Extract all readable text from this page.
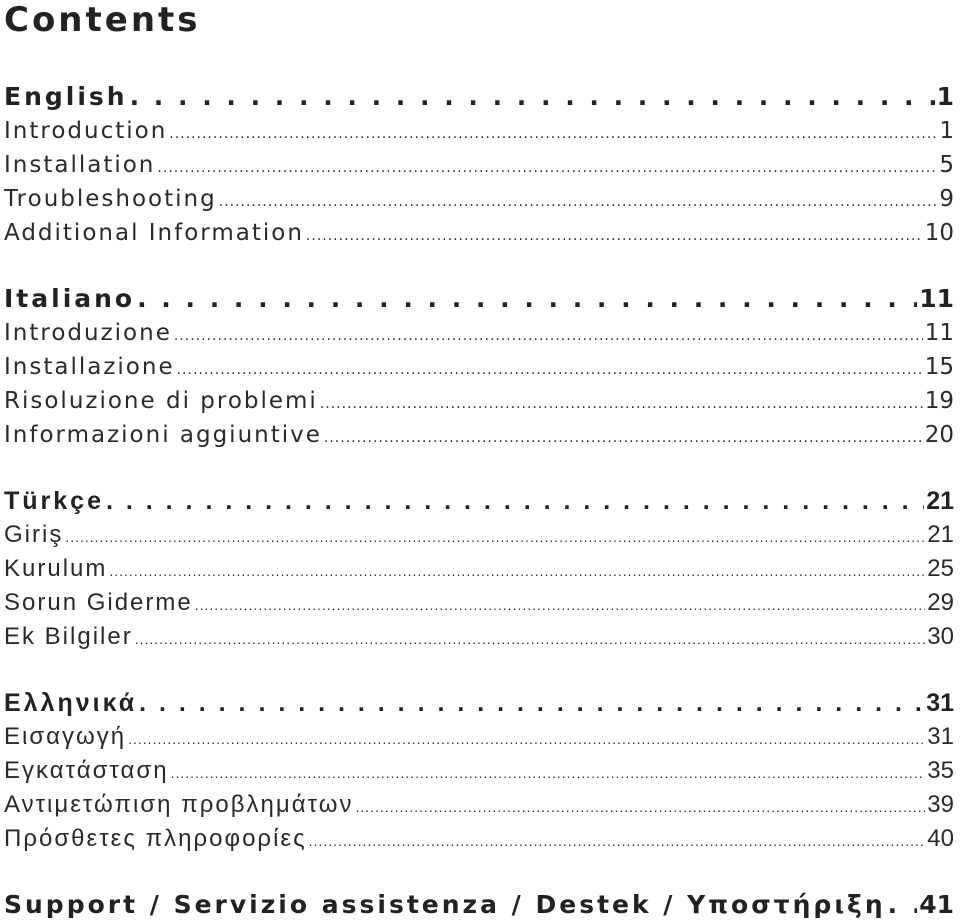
Contents
English . . .	1
Introduction .....	1
Installation .....	5
Troubleshooting .....	9
Additional Information .....	10
Italiano . . .	11
Introduzione .....	11
Installazione .....	15
Risoluzione di problemi .....	19
Informazioni aggiuntive .....	20
Türkçe . . .	21
Giriş .....	21
Kurulum .....	25
Sorun Giderme .....	29
Ek Bilgiler .....	30
Ελληνικά . . .	31
Εισαγωγή .....	31
Εγκατάσταση .....	35
Αντιμετώπιση προβλημάτων .....	39
Πρόσθετες πληροφορίες .....	40
Support / Servizio assistenza / Destek / Υποστήριξη . . . 41
